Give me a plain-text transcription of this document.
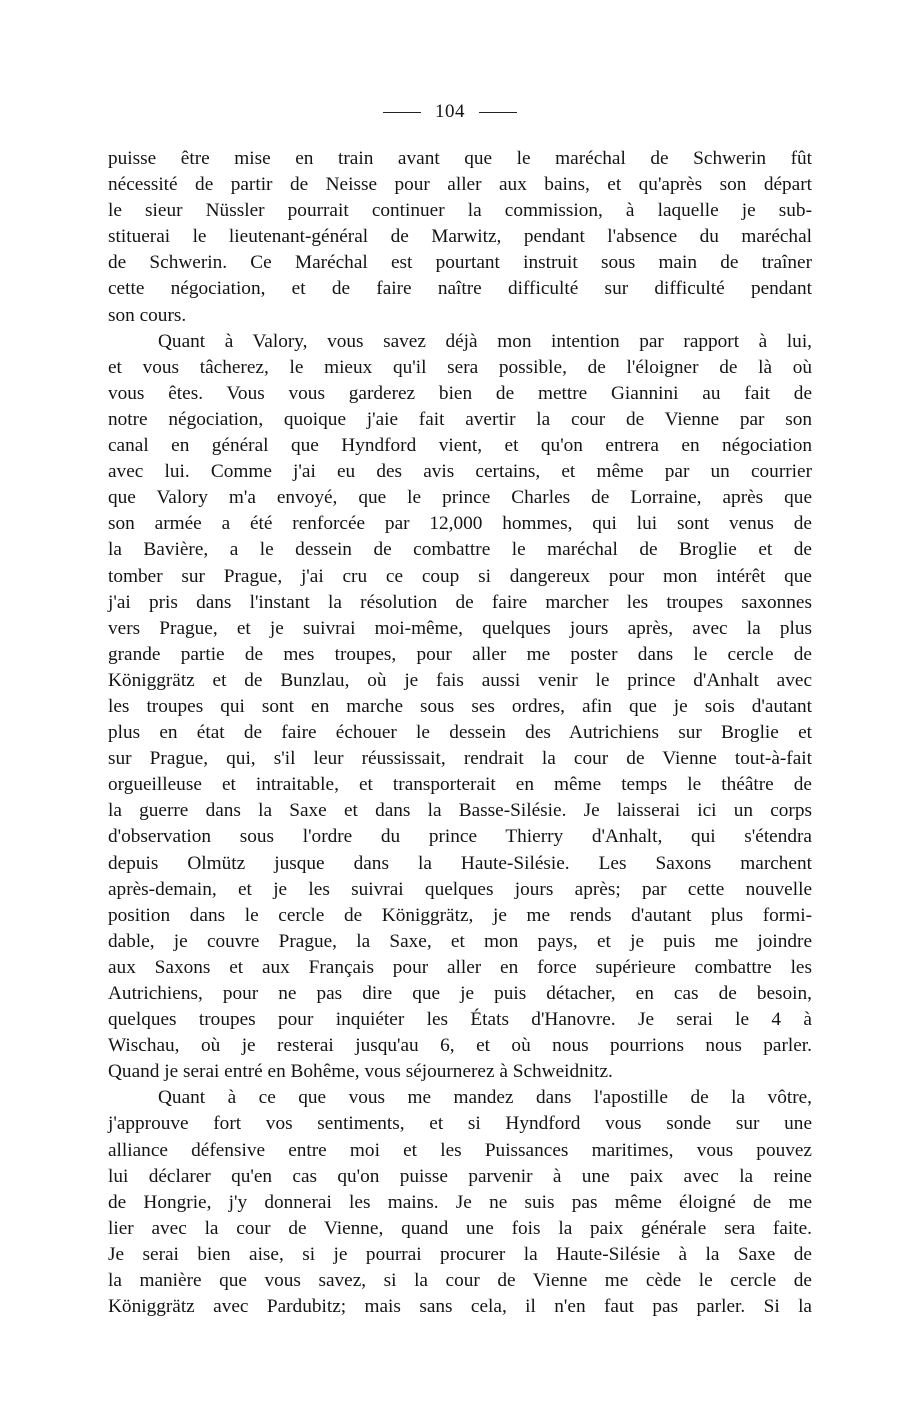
104
puisse être mise en train avant que le maréchal de Schwerin fût
nécessité de partir de Neisse pour aller aux bains, et qu'après son départ
le sieur Nüssler pourrait continuer la commission, à laquelle je sub-
stituerai le lieutenant-général de Marwitz, pendant l'absence du maréchal
de Schwerin. Ce Maréchal est pourtant instruit sous main de traîner
cette négociation, et de faire naître difficulté sur difficulté pendant
son cours.
Quant à Valory, vous savez déjà mon intention par rapport à lui,
et vous tâcherez, le mieux qu'il sera possible, de l'éloigner de là où
vous êtes. Vous vous garderez bien de mettre Giannini au fait de
notre négociation, quoique j'aie fait avertir la cour de Vienne par son
canal en général que Hyndford vient, et qu'on entrera en négociation
avec lui. Comme j'ai eu des avis certains, et même par un courrier
que Valory m'a envoyé, que le prince Charles de Lorraine, après que
son armée a été renforcée par 12,000 hommes, qui lui sont venus de
la Bavière, a le dessein de combattre le maréchal de Broglie et de
tomber sur Prague, j'ai cru ce coup si dangereux pour mon intérêt que
j'ai pris dans l'instant la résolution de faire marcher les troupes saxonnes
vers Prague, et je suivrai moi-même, quelques jours après, avec la plus
grande partie de mes troupes, pour aller me poster dans le cercle de
Königgrätz et de Bunzlau, où je fais aussi venir le prince d'Anhalt avec
les troupes qui sont en marche sous ses ordres, afin que je sois d'autant
plus en état de faire échouer le dessein des Autrichiens sur Broglie et
sur Prague, qui, s'il leur réussissait, rendrait la cour de Vienne tout-à-fait
orgueilleuse et intraitable, et transporterait en même temps le théâtre de
la guerre dans la Saxe et dans la Basse-Silésie. Je laisserai ici un corps
d'observation sous l'ordre du prince Thierry d'Anhalt, qui s'étendra
depuis Olmütz jusque dans la Haute-Silésie. Les Saxons marchent
après-demain, et je les suivrai quelques jours après; par cette nouvelle
position dans le cercle de Königgrätz, je me rends d'autant plus formi-
dable, je couvre Prague, la Saxe, et mon pays, et je puis me joindre
aux Saxons et aux Français pour aller en force supérieure combattre les
Autrichiens, pour ne pas dire que je puis détacher, en cas de besoin,
quelques troupes pour inquiéter les États d'Hanovre. Je serai le 4 à
Wischau, où je resterai jusqu'au 6, et où nous pourrions nous parler.
Quand je serai entré en Bohême, vous séjournerez à Schweidnitz.
Quant à ce que vous me mandez dans l'apostille de la vôtre,
j'approuve fort vos sentiments, et si Hyndford vous sonde sur une
alliance défensive entre moi et les Puissances maritimes, vous pouvez
lui déclarer qu'en cas qu'on puisse parvenir à une paix avec la reine
de Hongrie, j'y donnerai les mains. Je ne suis pas même éloigné de me
lier avec la cour de Vienne, quand une fois la paix générale sera faite.
Je serai bien aise, si je pourrai procurer la Haute-Silésie à la Saxe de
la manière que vous savez, si la cour de Vienne me cède le cercle de
Königgrätz avec Pardubitz; mais sans cela, il n'en faut pas parler. Si la
